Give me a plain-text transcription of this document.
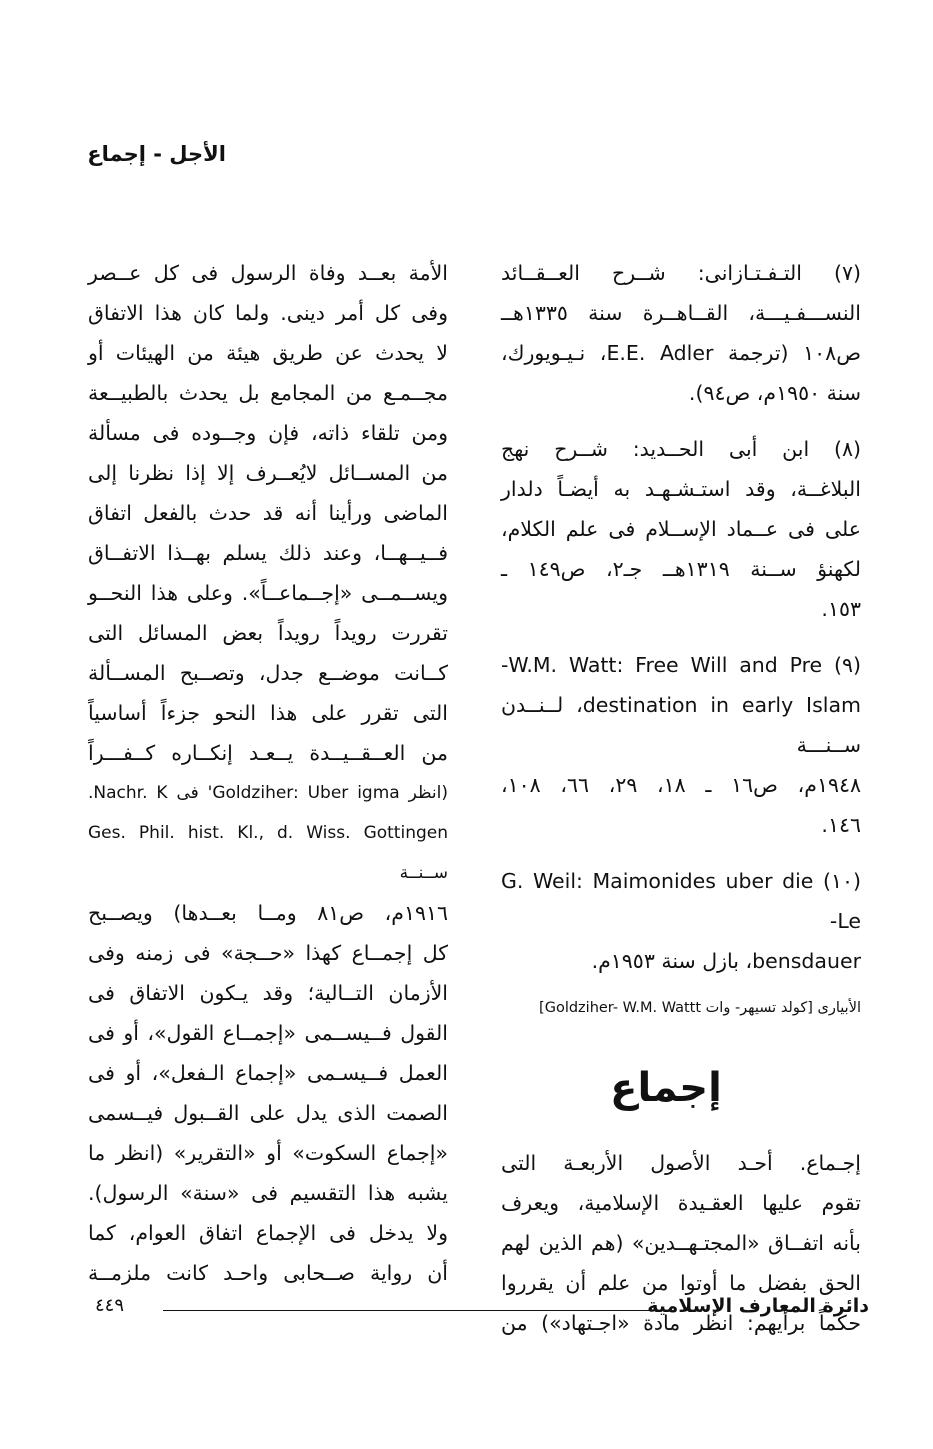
الأجل - إجماع

(٧) التـفـتـازانى: شــرح العــقــائد
النســـفـيـــة، القــاهــرة سنة ١٣٣٥هــ
ص١٠٨ (ترجمة E.E. Adler، نـيـويورك،
سنة ١٩٥٠م، ص٩٤).

(٨) ابن أبى الحــديد: شــرح نهج
البلاغــة، وقد استـشـهـد به أيضـاً دلدار
على فى عــماد الإســلام فى علم الكلام،
لكهنؤ ســنة ١٣١٩هــ جـ٢، ص١٤٩ ـ
١٥٣.

(٩) W.M. Watt: Free Will and Pre-
destination in early Islam، لــنــدن ســنـــة
١٩٤٨م، ص١٦ ـ ١٨، ٢٩، ٦٦، ١٠٨،
١٤٦.

(١٠) G. Weil: Maimonides uber die Le-
bensdauer، بازل سنة ١٩٥٣م.

الأبيارى [كولد تسيهر- وات Goldziher- W.M. Wattt]

إجماع

إجـماع. أحـد الأصول الأربعـة التى
تقوم عليها العقـيدة الإسلامية، ويعرف
بأنه اتفــاق «المجتـهــدين» (هم الذين لهم
الحق بفضل ما أوتوا من علم أن يقرروا
حكماً برأيهم: انظر مادة «اجـتهاد») من

الأمة بعــد وفاة الرسول فى كل عــصر
وفى كل أمر دينى. ولما كان هذا الاتفاق
لا يحدث عن طريق هيئة من الهيئات أو
مجــمـع من المجامع بل يحدث بالطبيــعة
ومن تلقاء ذاته، فإن وجــوده فى مسألة
من المســائل لايُعــرف إلا إذا نظرنا إلى
الماضى ورأينا أنه قد حدث بالفعل اتفاق
فــيــهــا، وعند ذلك يسلم بهــذا الاتفــاق
ويســمــى «إجــماعــاً». وعلى هذا النحــو
تقررت رويداً رويداً بعض المسائل التى
كــانت موضــع جدل، وتصــبح المســألة
التى تقرر على هذا النحو جزءاً أساسياً
من العــقــيــدة يــعـد إنكــاره كــفـــراً
(انظر Goldziher: Uber igma' فى Nachr. K.
Ges. Phil. hist. Kl., d. Wiss. Gottingen ســنــة
١٩١٦م، ص٨١ ومــا بعــدها) ويصــبح
كل إجمــاع كهذا «حــجة» فى زمنه وفى
الأزمان التــالية؛ وقد يـكون الاتفاق فى
القول فــيســمى «إجمــاع القول»، أو فى
العمل فــيسـمى «إجماع الـفعل»، أو فى
الصمت الذى يدل على القــبول فيــسمى
«إجماع السكوت» أو «التقرير» (انظر ما
يشبه هذا التقسيم فى «سنة» الرسول).
ولا يدخل فى الإجماع اتفاق العوام، كما
أن رواية صــحابى واحـد كانت ملزمــة

دائرة المعارف الإسلامية
٤٤٩
